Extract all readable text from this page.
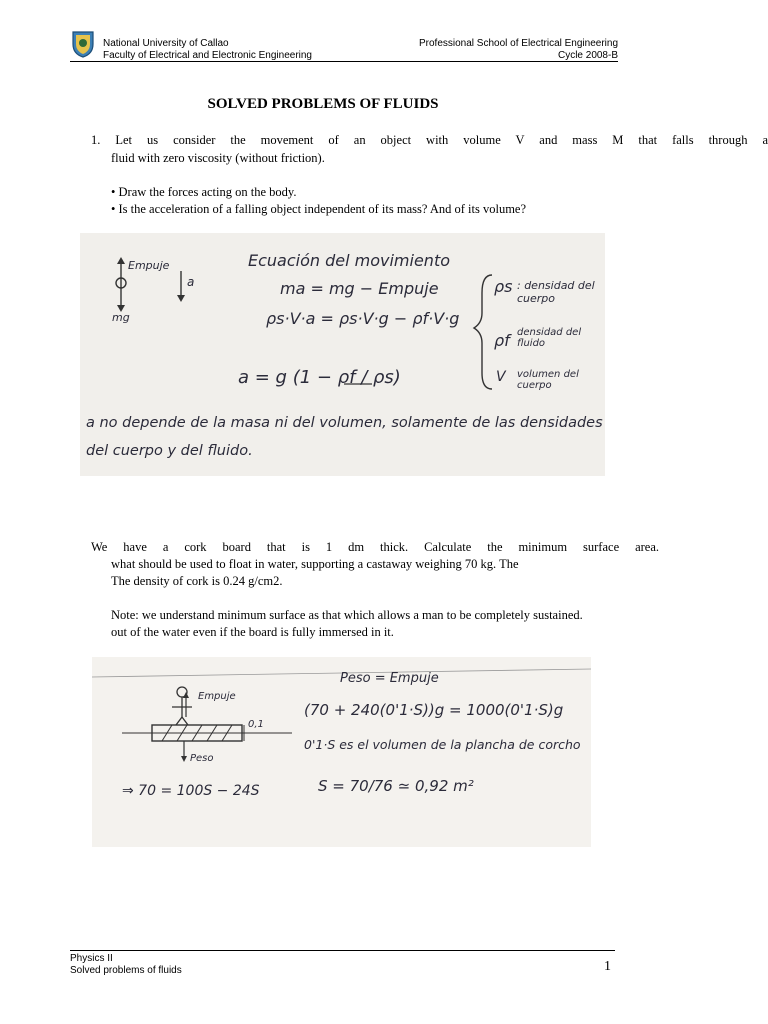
National University of Callao
Faculty of Electrical and Electronic Engineering
Professional School of Electrical Engineering
Cycle 2008-B
SOLVED PROBLEMS OF FLUIDS
1. Let us consider the movement of an object with volume V and mass M that falls through a
fluid with zero viscosity (without friction).
• Draw the forces acting on the body.
• Is the acceleration of a falling object independent of its mass? And of its volume?
Empuje
mg
a
Ecuación del movimiento
ma = mg − Empuje
ρs·V·a = ρs·V·g − ρf·V·g
a = g (1 − ρf / ρs)
ρs : densidad del cuerpo
ρf densidad del fluido
V volumen del cuerpo
a no depende de la masa ni del volumen, solamente de las densidades
del cuerpo y del fluido.
We have a cork board that is 1 dm thick. Calculate the minimum surface area.
what should be used to float in water, supporting a castaway weighing 70 kg. The
The density of cork is 0.24 g/cm2.
Note: we understand minimum surface as that which allows a man to be completely sustained.
out of the water even if the board is fully immersed in it.
Empuje
Peso
0,1
Peso = Empuje
(70 + 240(0'1·S))g = 1000(0'1·S)g
0'1·S es el volumen de la plancha de corcho
⇒ 70 = 100S − 24S	S = 70/76 ≃ 0,92 m²
Physics II
Solved problems of fluids	1
